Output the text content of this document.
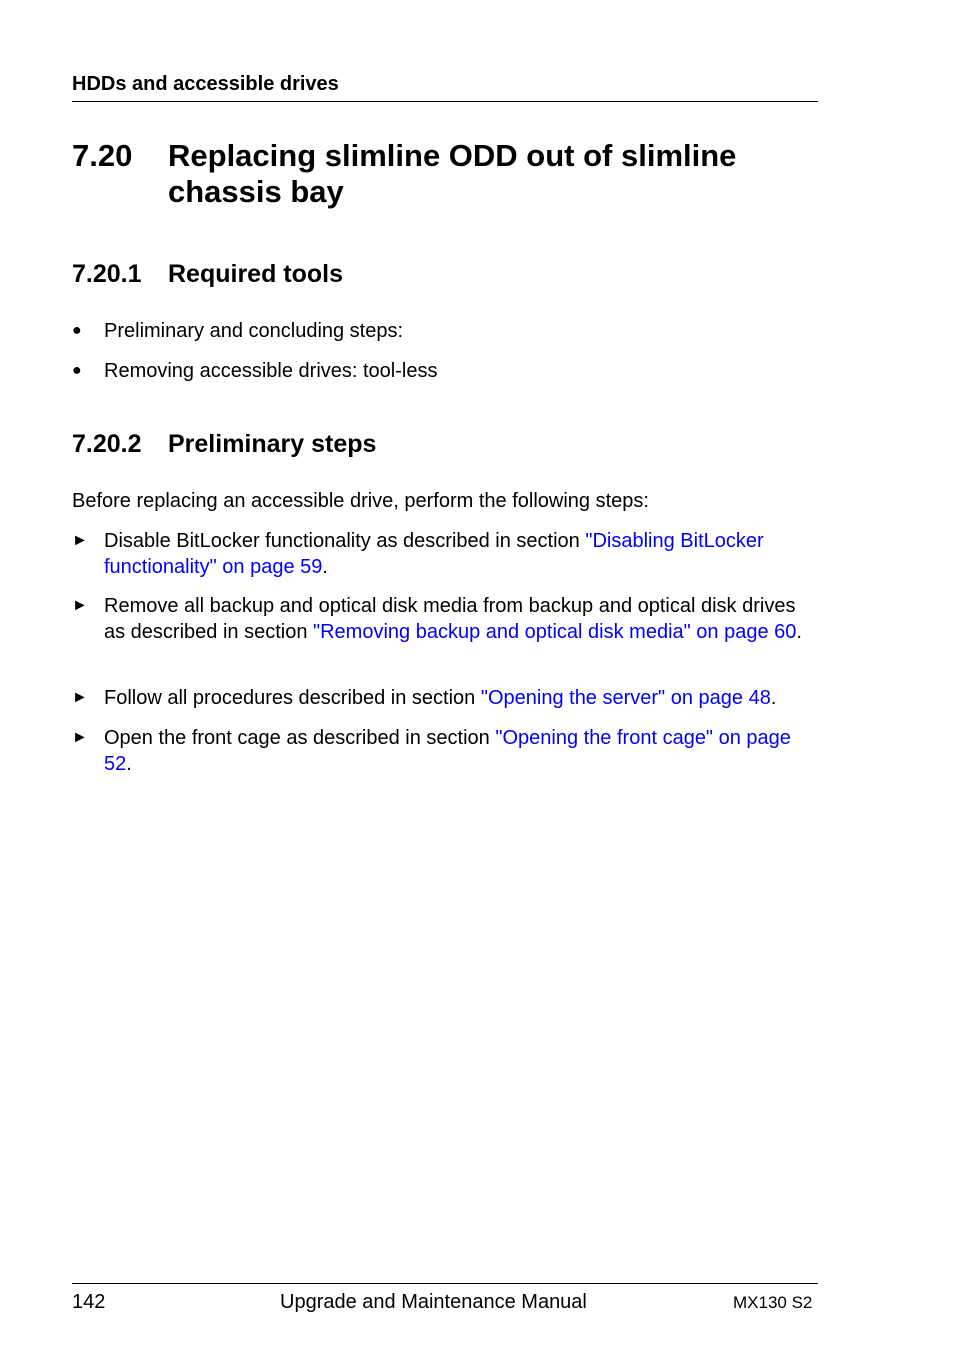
HDDs and accessible drives
7.20 Replacing slimline ODD out of slimline chassis bay
7.20.1 Required tools
● Preliminary and concluding steps:
● Removing accessible drives: tool-less
7.20.2 Preliminary steps
Before replacing an accessible drive, perform the following steps:
► Disable BitLocker functionality as described in section "Disabling BitLocker functionality" on page 59.
► Remove all backup and optical disk media from backup and optical disk drives as described in section "Removing backup and optical disk media" on page 60.
► Follow all procedures described in section "Opening the server" on page 48.
► Open the front cage as described in section "Opening the front cage" on page 52.
142	Upgrade and Maintenance Manual	MX130 S2
